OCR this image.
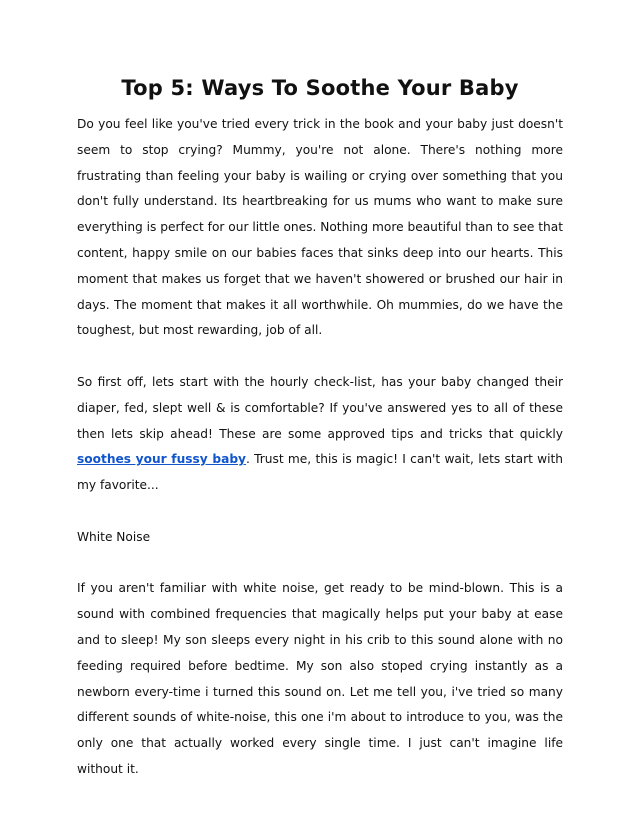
Top 5: Ways To Soothe Your Baby

Do you feel like you've tried every trick in the book and your baby just doesn't seem to stop crying? Mummy, you're not alone. There's nothing more frustrating than feeling your baby is wailing or crying over something that you don't fully understand. Its heartbreaking for us mums who want to make sure everything is perfect for our little ones. Nothing more beautiful than to see that content, happy smile on our babies faces that sinks deep into our hearts. This moment that makes us forget that we haven't showered or brushed our hair in days. The moment that makes it all worthwhile. Oh mummies, do we have the toughest, but most rewarding, job of all.

So first off, lets start with the hourly check-list, has your baby changed their diaper, fed, slept well & is comfortable? If you've answered yes to all of these then lets skip ahead! These are some approved tips and tricks that quickly soothes your fussy baby. Trust me, this is magic! I can't wait, lets start with my favorite...

White Noise

If you aren't familiar with white noise, get ready to be mind-blown. This is a sound with combined frequencies that magically helps put your baby at ease and to sleep! My son sleeps every night in his crib to this sound alone with no feeding required before bedtime. My son also stoped crying instantly as a newborn every-time i turned this sound on. Let me tell you, i've tried so many different sounds of white-noise, this one i'm about to introduce to you, was the only one that actually worked every single time. I just can't imagine life without it.
